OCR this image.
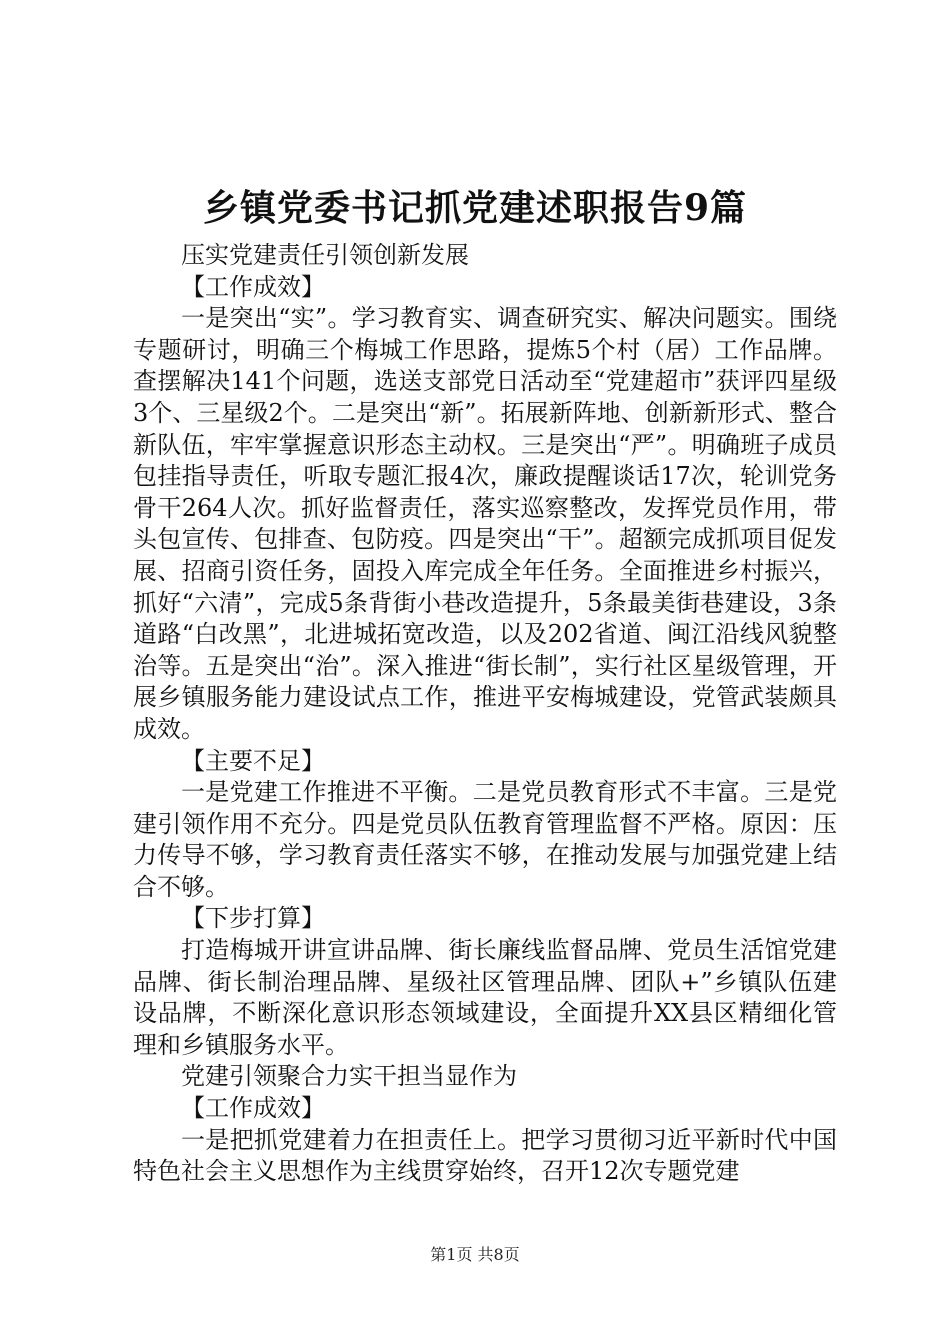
乡镇党委书记抓党建述职报告9篇

压实党建责任引领创新发展

【工作成效】

一是突出“实”。学习教育实、调查研究实、解决问题实。围绕专题研讨，明确三个梅城工作思路，提炼5个村（居）工作品牌。查摆解决141个问题，选送支部党日活动至“党建超市”获评四星级3个、三星级2个。二是突出“新”。拓展新阵地、创新新形式、整合新队伍，牢牢掌握意识形态主动权。三是突出“严”。明确班子成员包挂指导责任，听取专题汇报4次，廉政提醒谈话17次，轮训党务骨干264人次。抓好监督责任，落实巡察整改，发挥党员作用，带头包宣传、包排查、包防疫。四是突出“干”。超额完成抓项目促发展、招商引资任务，固投入库完成全年任务。全面推进乡村振兴，抓好“六清”，完成5条背街小巷改造提升，5条最美街巷建设，3条道路“白改黑”，北进城拓宽改造，以及202省道、闽江沿线风貌整治等。五是突出“治”。深入推进“街长制”，实行社区星级管理，开展乡镇服务能力建设试点工作，推进平安梅城建设，党管武装颇具成效。

【主要不足】

一是党建工作推进不平衡。二是党员教育形式不丰富。三是党建引领作用不充分。四是党员队伍教育管理监督不严格。原因：压力传导不够，学习教育责任落实不够，在推动发展与加强党建上结合不够。

【下步打算】

打造梅城开讲宣讲品牌、街长廉线监督品牌、党员生活馆党建品牌、街长制治理品牌、星级社区管理品牌、团队+”乡镇队伍建设品牌，不断深化意识形态领域建设，全面提升XX县区精细化管理和乡镇服务水平。

党建引领聚合力实干担当显作为

【工作成效】

一是把抓党建着力在担责任上。把学习贯彻习近平新时代中国特色社会主义思想作为主线贯穿始终，召开12次专题党建

第1页 共8页
